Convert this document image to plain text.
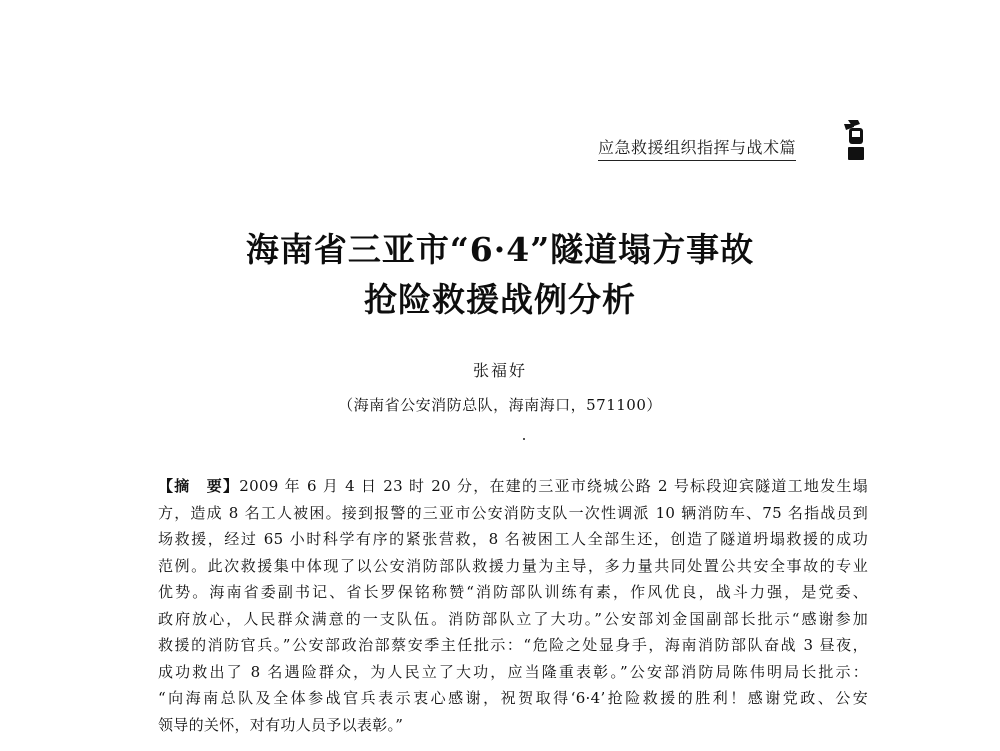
应急救援组织指挥与战术篇
海南省三亚市“6·4”隧道塌方事故
抢险救援战例分析
张福好
（海南省公安消防总队，海南海口，571100）
【摘　要】2009 年 6 月 4 日 23 时 20 分，在建的三亚市绕城公路 2 号标段迎宾隧道工地发生塌
方，造成 8 名工人被困。接到报警的三亚市公安消防支队一次性调派 10 辆消防车、75 名指战员到
场救援，经过 65 小时科学有序的紧张营救，8 名被困工人全部生还，创造了隧道坍塌救援的成功
范例。此次救援集中体现了以公安消防部队救援力量为主导，多力量共同处置公共安全事故的专业
优势。海南省委副书记、省长罗保铭称赞“消防部队训练有素，作风优良，战斗力强，是党委、
政府放心，人民群众满意的一支队伍。消防部队立了大功。”公安部刘金国副部长批示“感谢参加
救援的消防官兵。”公安部政治部蔡安季主任批示：“危险之处显身手，海南消防部队奋战 3 昼夜，
成功救出了 8 名遇险群众，为人民立了大功，应当隆重表彰。”公安部消防局陈伟明局长批示：
“向海南总队及全体参战官兵表示衷心感谢，祝贺取得‘6·4’抢险救援的胜利！感谢党政、公安
领导的关怀，对有功人员予以表彰。”
